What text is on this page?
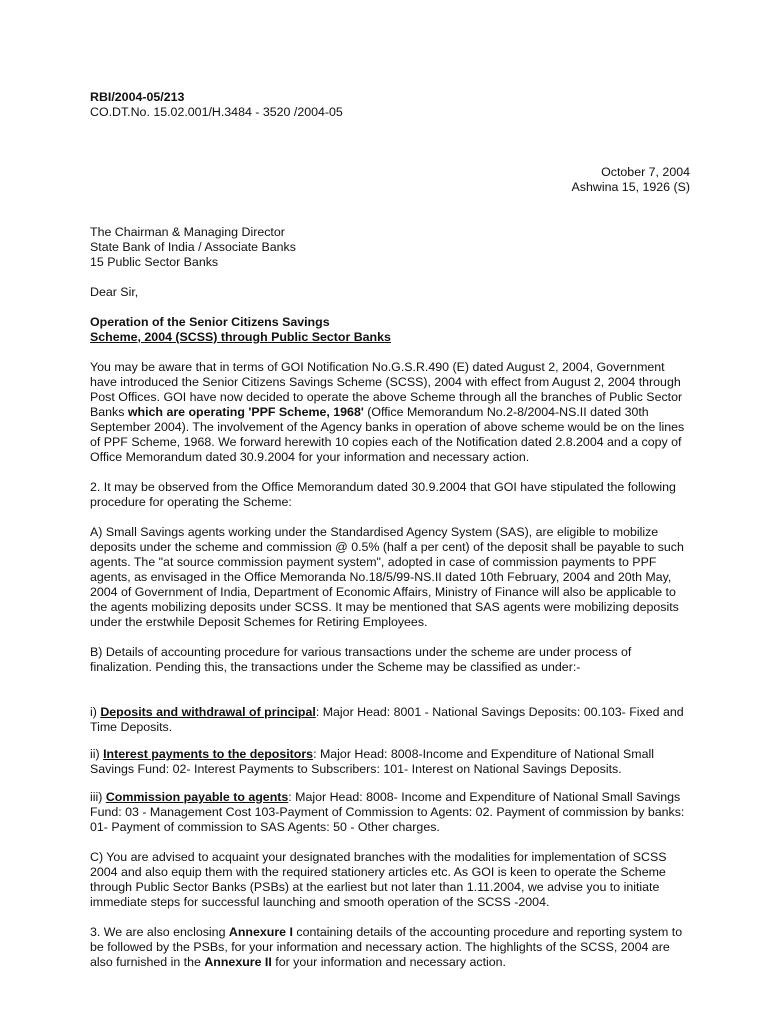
RBI/2004-05/213
CO.DT.No. 15.02.001/H.3484 - 3520 /2004-05
October 7, 2004
Ashwina 15, 1926 (S)
The Chairman & Managing Director
State Bank of India / Associate Banks
15 Public Sector Banks
Dear Sir,
Operation of the Senior Citizens Savings
Scheme, 2004 (SCSS) through Public Sector Banks

You may be aware that in terms of GOI Notification No.G.S.R.490 (E) dated August 2, 2004, Government have introduced the Senior Citizens Savings Scheme (SCSS), 2004 with effect from August 2, 2004 through Post Offices. GOI have now decided to operate the above Scheme through all the branches of Public Sector Banks which are operating 'PPF Scheme, 1968' (Office Memorandum No.2-8/2004-NS.II dated 30th September 2004). The involvement of the Agency banks in operation of above scheme would be on the lines of PPF Scheme, 1968. We forward herewith 10 copies each of the Notification dated 2.8.2004 and a copy of Office Memorandum dated 30.9.2004 for your information and necessary action.

2. It may be observed from the Office Memorandum dated 30.9.2004 that GOI have stipulated the following procedure for operating the Scheme:
A) Small Savings agents working under the Standardised Agency System (SAS), are eligible to mobilize deposits under the scheme and commission @ 0.5% (half a per cent) of the deposit shall be payable to such agents. The "at source commission payment system", adopted in case of commission payments to PPF agents, as envisaged in the Office Memoranda No.18/5/99-NS.II dated 10th February, 2004 and 20th May, 2004 of Government of India, Department of Economic Affairs, Ministry of Finance will also be applicable to the agents mobilizing deposits under SCSS. It may be mentioned that SAS agents were mobilizing deposits under the erstwhile Deposit Schemes for Retiring Employees.
B) Details of accounting procedure for various transactions under the scheme are under process of finalization. Pending this, the transactions under the Scheme may be classified as under:-

i) Deposits and withdrawal of principal: Major Head: 8001 - National Savings Deposits: 00.103- Fixed and Time Deposits.

ii) Interest payments to the depositors: Major Head: 8008-Income and Expenditure of National Small Savings Fund: 02- Interest Payments to Subscribers: 101- Interest on National Savings Deposits.

iii) Commission payable to agents: Major Head: 8008- Income and Expenditure of National Small Savings Fund: 03 - Management Cost 103-Payment of Commission to Agents: 02. Payment of commission by banks: 01- Payment of commission to SAS Agents: 50 - Other charges.

C) You are advised to acquaint your designated branches with the modalities for implementation of SCSS 2004 and also equip them with the required stationery articles etc. As GOI is keen to operate the Scheme through Public Sector Banks (PSBs) at the earliest but not later than 1.11.2004, we advise you to initiate immediate steps for successful launching and smooth operation of the SCSS -2004.

3. We are also enclosing Annexure I containing details of the accounting procedure and reporting system to be followed by the PSBs, for your information and necessary action. The highlights of the SCSS, 2004 are also furnished in the Annexure II for your information and necessary action.
